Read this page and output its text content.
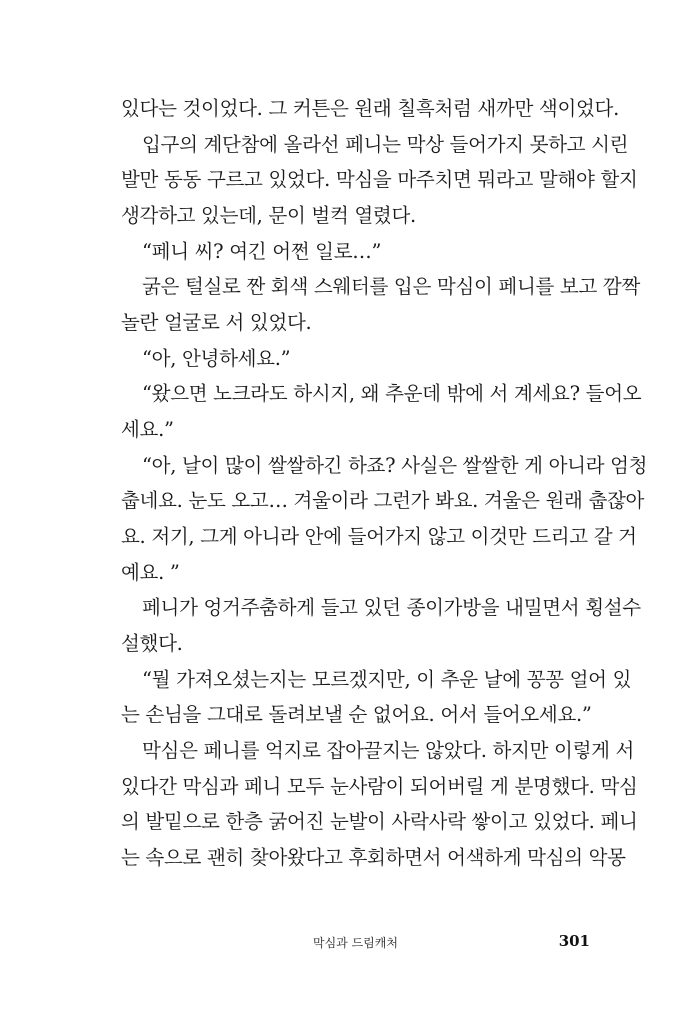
있다는 것이었다. 그 커튼은 원래 칠흑처럼 새까만 색이었다.
입구의 계단참에 올라선 페니는 막상 들어가지 못하고 시린
발만 동동 구르고 있었다. 막심을 마주치면 뭐라고 말해야 할지
생각하고 있는데, 문이 벌컥 열렸다.
“페니 씨? 여긴 어쩐 일로…”
굵은 털실로 짠 회색 스웨터를 입은 막심이 페니를 보고 깜짝
놀란 얼굴로 서 있었다.
“아, 안녕하세요.”
“왔으면 노크라도 하시지, 왜 추운데 밖에 서 계세요? 들어오
세요.”
“아, 날이 많이 쌀쌀하긴 하죠? 사실은 쌀쌀한 게 아니라 엄청
춥네요. 눈도 오고… 겨울이라 그런가 봐요. 겨울은 원래 춥잖아
요. 저기, 그게 아니라 안에 들어가지 않고 이것만 드리고 갈 거
예요. ”
페니가 엉거주춤하게 들고 있던 종이가방을 내밀면서 횡설수
설했다.
“뭘 가져오셨는지는 모르겠지만, 이 추운 날에 꽁꽁 얼어 있
는 손님을 그대로 돌려보낼 순 없어요. 어서 들어오세요.”
막심은 페니를 억지로 잡아끌지는 않았다. 하지만 이렇게 서
있다간 막심과 페니 모두 눈사람이 되어버릴 게 분명했다. 막심
의 발밑으로 한층 굵어진 눈발이 사락사락 쌓이고 있었다. 페니
는 속으로 괜히 찾아왔다고 후회하면서 어색하게 막심의 악몽
막심과 드림캐처	301
